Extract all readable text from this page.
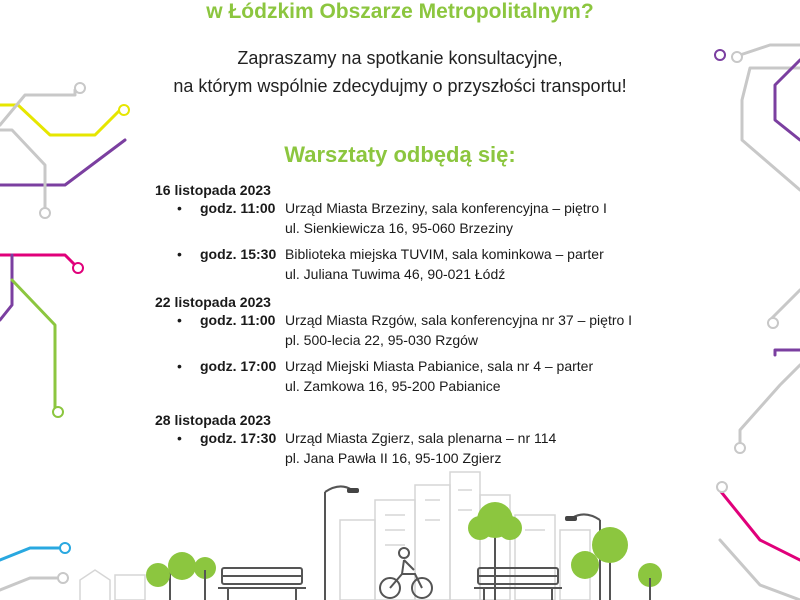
w Łódzkim Obszarze Metropolitalnym?
Zapraszamy na spotkanie konsultacyjne,
na którym wspólnie zdecydujmy o przyszłości transportu!
Warsztaty odbędą się:
16 listopada 2023
• godz. 11:00 Urząd Miasta Brzeziny, sala konferencyjna – piętro I
ul. Sienkiewicza 16, 95-060 Brzeziny
• godz. 15:30 Biblioteka miejska TUVIM, sala kominkowa – parter
ul. Juliana Tuwima 46, 90-021 Łódź
22 listopada 2023
• godz. 11:00 Urząd Miasta Rzgów, sala konferencyjna nr 37 – piętro I
pl. 500-lecia 22, 95-030 Rzgów
• godz. 17:00 Urząd Miejski Miasta Pabianice, sala nr 4 – parter
ul. Zamkowa 16, 95-200 Pabianice
28 listopada 2023
• godz. 17:30 Urząd Miasta Zgierz, sala plenarna – nr 114
pl. Jana Pawła II 16, 95-100 Zgierz
